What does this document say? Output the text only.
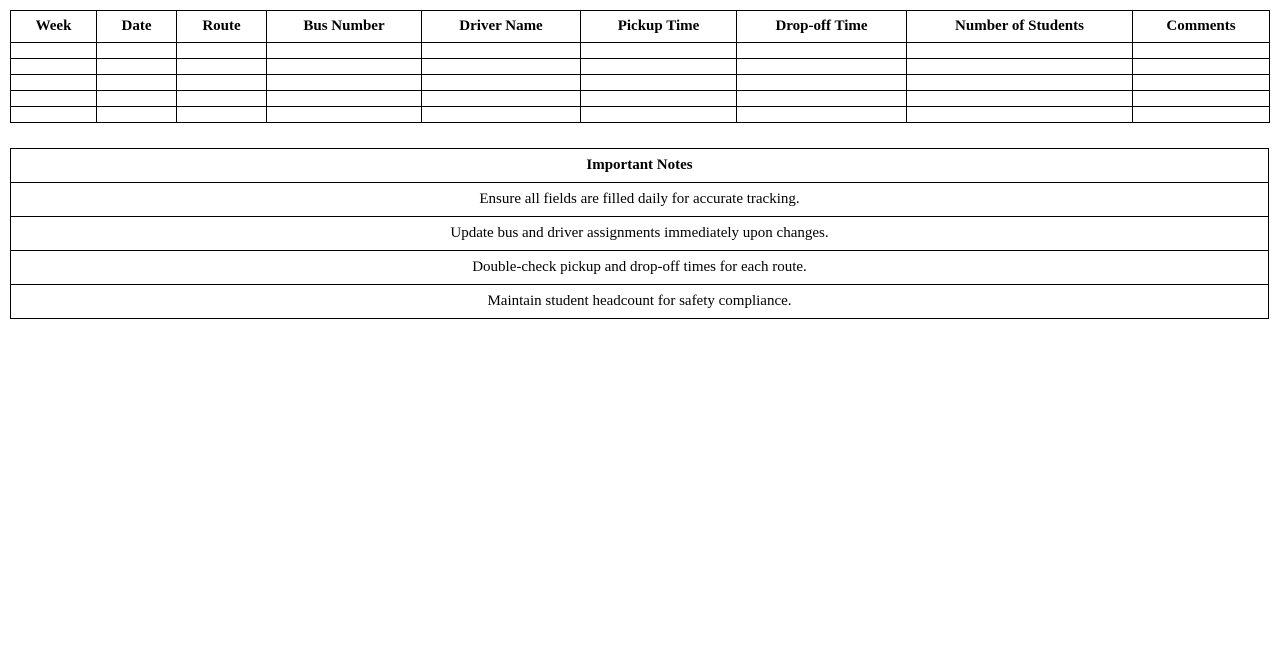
Week	Date	Route	Bus Number	Driver Name	Pickup Time	Drop-off Time	Number of Students	Comments

Important Notes
Ensure all fields are filled daily for accurate tracking.
Update bus and driver assignments immediately upon changes.
Double-check pickup and drop-off times for each route.
Maintain student headcount for safety compliance.
